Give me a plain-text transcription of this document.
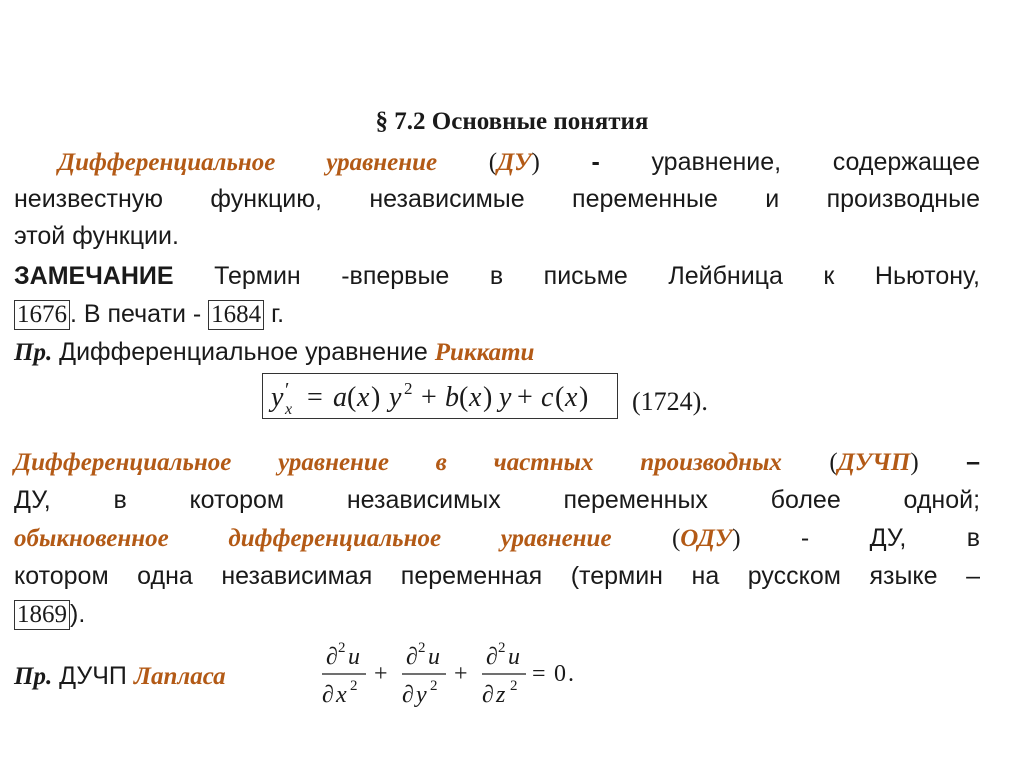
§ 7.2 Основные понятия
Дифференциальное уравнение (ДУ) - уравнение, содержащее
неизвестную функцию, независимые переменные и производные
этой функции.
ЗАМЕЧАНИЕ Термин -впервые в письме Лейбница к Ньютону,
1676 . В печати - 1684 г.
Пр. Дифференциальное уравнение Риккати
y ′
x = a ( x ) y 2 + b ( x ) y + c ( x ) (1724).
Дифференциальное уравнение в частных производных (ДУЧП) –
ДУ,	в	котором	независимых	переменных	более	одной;
обыкновенное дифференциальное уравнение (ОДУ) - ДУ, в
котором одна независимая переменная (термин на русском языке –
1869 ).
Пр. ДУЧП Лапласа
∂ 2 u
∂ x 2 +
∂ 2 u
∂ y 2 +
∂ 2 u
∂ z 2 = 0 .
